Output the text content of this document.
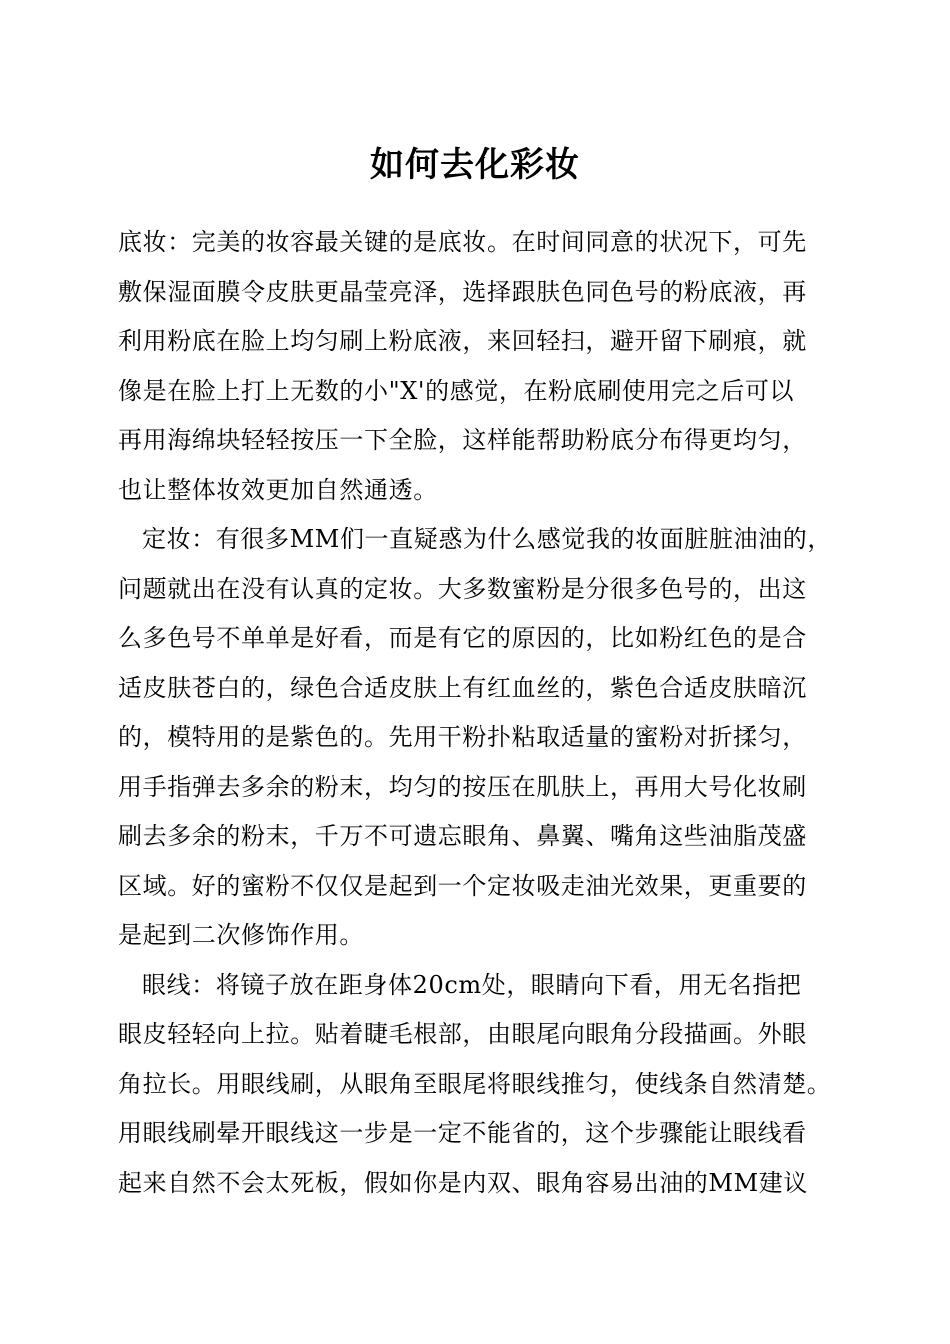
如何去化彩妆
底妆：完美的妆容最关键的是底妆。在时间同意的状况下，可先
敷保湿面膜令皮肤更晶莹亮泽，选择跟肤色同色号的粉底液，再
利用粉底在脸上均匀刷上粉底液，来回轻扫，避开留下刷痕，就
像是在脸上打上无数的小"X'的感觉，在粉底刷使用完之后可以
再用海绵块轻轻按压一下全脸，这样能帮助粉底分布得更均匀，
也让整体妆效更加自然通透。
定妆：有很多MM们一直疑惑为什么感觉我的妆面脏脏油油的，
问题就出在没有认真的定妆。大多数蜜粉是分很多色号的，出这
么多色号不单单是好看，而是有它的原因的，比如粉红色的是合
适皮肤苍白的，绿色合适皮肤上有红血丝的，紫色合适皮肤暗沉
的，模特用的是紫色的。先用干粉扑粘取适量的蜜粉对折揉匀，
用手指弹去多余的粉末，均匀的按压在肌肤上，再用大号化妆刷
刷去多余的粉末，千万不可遗忘眼角、鼻翼、嘴角这些油脂茂盛
区域。好的蜜粉不仅仅是起到一个定妆吸走油光效果，更重要的
是起到二次修饰作用。
眼线：将镜子放在距身体20cm处，眼睛向下看，用无名指把
眼皮轻轻向上拉。贴着睫毛根部，由眼尾向眼角分段描画。外眼
角拉长。用眼线刷，从眼角至眼尾将眼线推匀，使线条自然清楚。
用眼线刷晕开眼线这一步是一定不能省的，这个步骤能让眼线看
起来自然不会太死板，假如你是内双、眼角容易出油的MM建议
